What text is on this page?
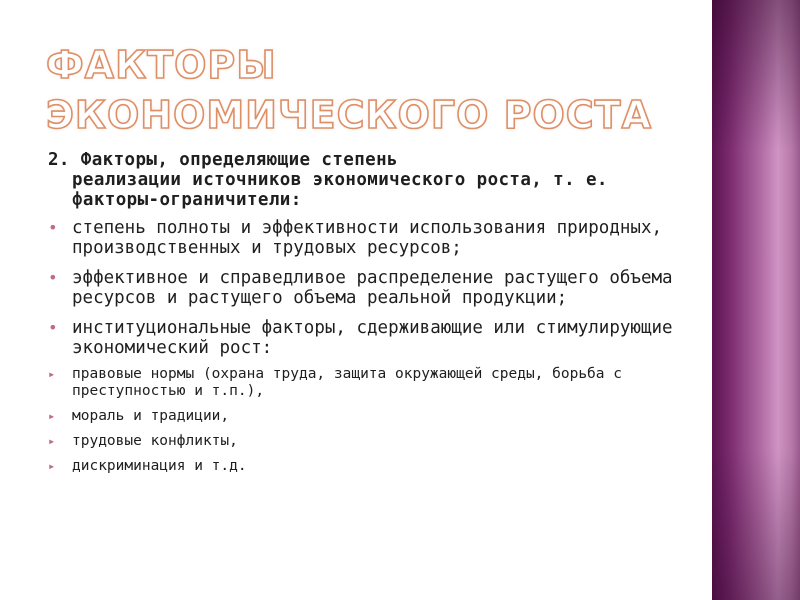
ФАКТОРЫ ЭКОНОМИЧЕСКОГО РОСТА

2. Факторы, определяющие степень
реализации источников экономического роста, т. е. факторы-ограничители:

• степень полноты и эффективности использования природных, производственных и трудовых ресурсов;
• эффективное и справедливое распределение растущего объема ресурсов и растущего объема реальной продукции;
• институциональные факторы, сдерживающие или стимулирующие экономический рост:
▸ правовые нормы (охрана труда, защита окружающей среды, борьба с преступностью и т.п.),
▸ мораль и традиции,
▸ трудовые конфликты,
▸ дискриминация и т.д.
